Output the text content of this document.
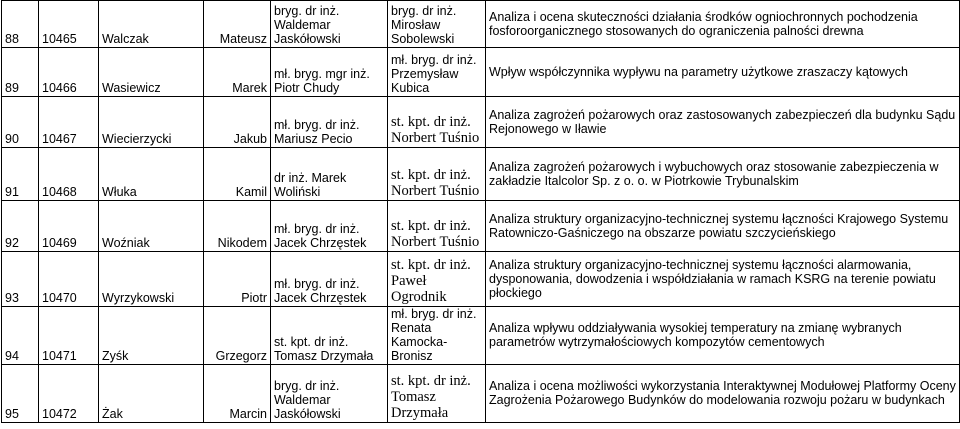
88	10465	Walczak	Mateusz	bryg. dr inż.
Waldemar
Jaskółowski	bryg. dr inż.
Mirosław
Sobolewski	Analiza i ocena skuteczności działania środków ogniochronnych pochodzenia
fosforoorganicznego stosowanych do ograniczenia palności drewna

89	10466	Wasiewicz	Marek	mł. bryg. mgr inż.
Piotr Chudy	mł. bryg. dr inż.
Przemysław
Kubica	Wpływ współczynnika wypływu na parametry użytkowe zraszaczy kątowych

90	10467	Wiecierzycki	Jakub	mł. bryg. dr inż.
Mariusz Pecio	st. kpt. dr inż.
Norbert Tuśnio	Analiza zagrożeń pożarowych oraz zastosowanych zabezpieczeń dla budynku Sądu
Rejonowego w Iławie

91	10468	Włuka	Kamil	dr inż. Marek
Woliński	st. kpt. dr inż.
Norbert Tuśnio	Analiza zagrożeń pożarowych i wybuchowych oraz stosowanie zabezpieczenia w
zakładzie Italcolor Sp. z o. o. w Piotrkowie Trybunalskim

92	10469	Woźniak	Nikodem	mł. bryg. dr inż.
Jacek Chrzęstek	st. kpt. dr inż.
Norbert Tuśnio	Analiza struktury organizacyjno-technicznej systemu łączności Krajowego Systemu
Ratowniczo-Gaśniczego na obszarze powiatu szczycieńskiego

93	10470	Wyrzykowski	Piotr	mł. bryg. dr inż.
Jacek Chrzęstek	st. kpt. dr inż.
Paweł
Ogrodnik	Analiza struktury organizacyjno-technicznej systemu łączności alarmowania,
dysponowania, dowodzenia i współdziałania w ramach KSRG na terenie powiatu
płockiego

94	10471	Zyśk	Grzegorz	st. kpt. dr inż.
Tomasz Drzymała	mł. bryg. dr inż.
Renata
Kamocka-
Bronisz	Analiza wpływu oddziaływania wysokiej temperatury na zmianę wybranych
parametrów wytrzymałościowych kompozytów cementowych

95	10472	Żak	Marcin	bryg. dr inż.
Waldemar
Jaskółowski	st. kpt. dr inż.
Tomasz
Drzymała	Analiza i ocena możliwości wykorzystania Interaktywnej Modułowej Platformy Oceny
Zagrożenia Pożarowego Budynków do modelowania rozwoju pożaru w budynkach
